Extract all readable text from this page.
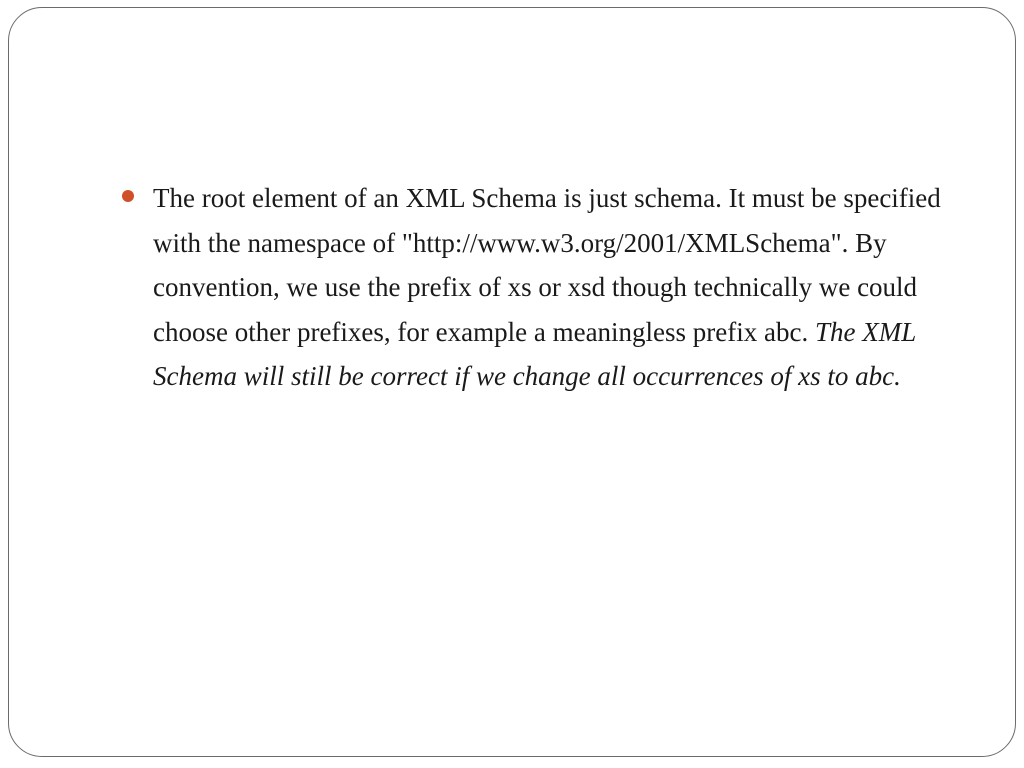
The root element of an XML Schema is just schema. It must be specified with the namespace of "http://www.w3.org/2001/XMLSchema". By convention, we use the prefix of xs or xsd though technically we could choose other prefixes, for example a meaningless prefix abc. The XML Schema will still be correct if we change all occurrences of xs to abc.
